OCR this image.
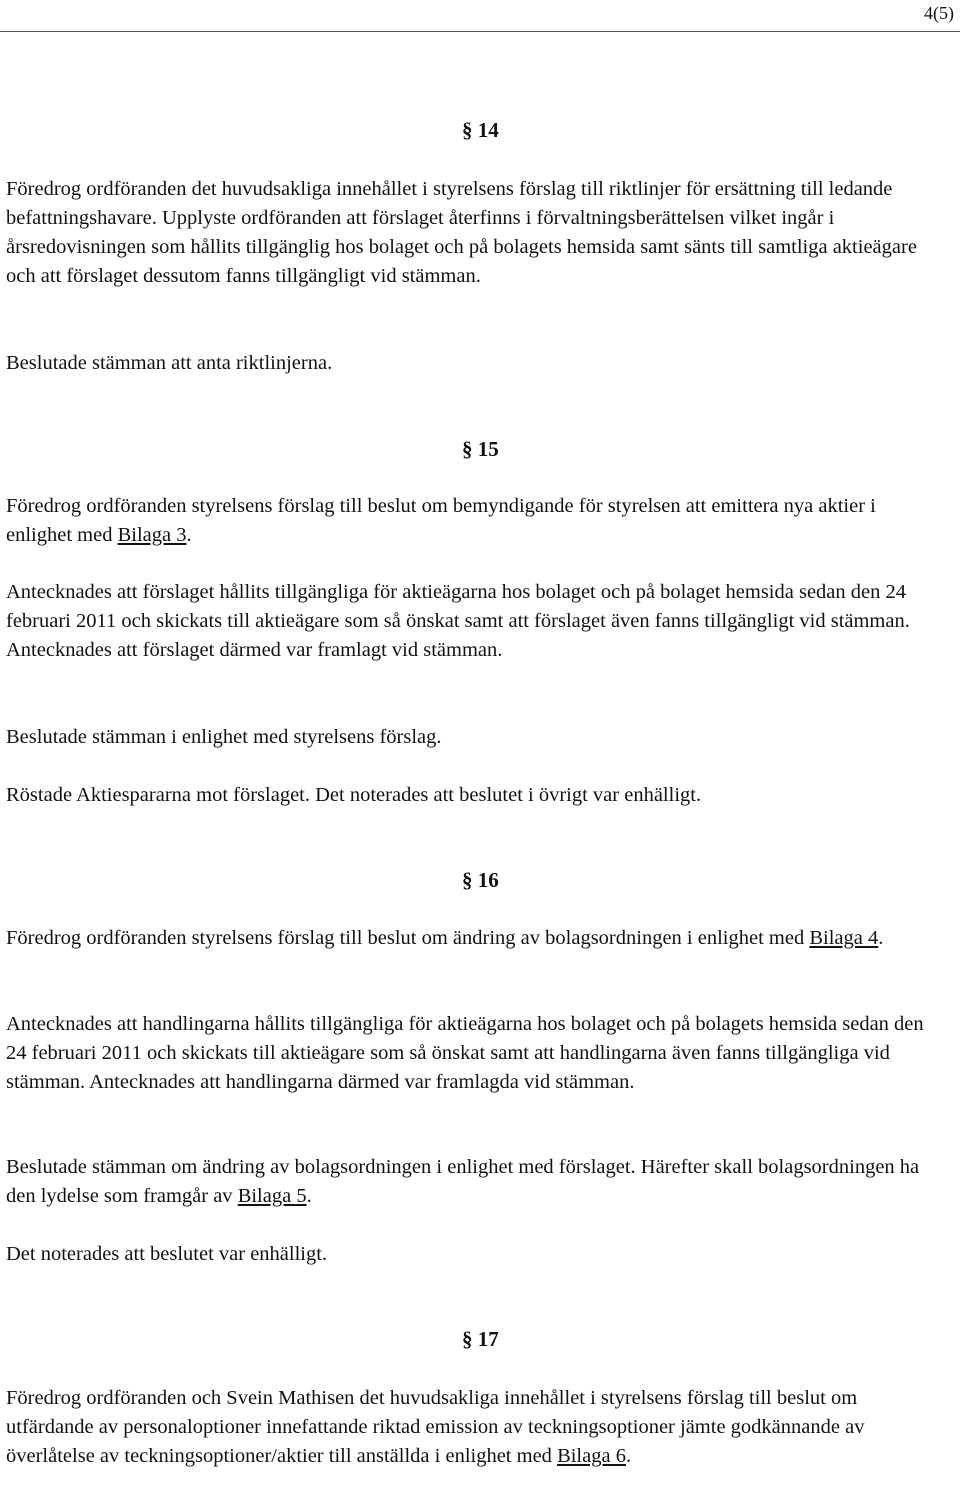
4(5)
§ 14

Föredrog ordföranden det huvudsakliga innehållet i styrelsens förslag till riktlinjer för ersättning till ledande befattningshavare. Upplyste ordföranden att förslaget återfinns i förvaltningsberättelsen vilket ingår i årsredovisningen som hållits tillgänglig hos bolaget och på bolagets hemsida samt sänts till samtliga aktieägare och att förslaget dessutom fanns tillgängligt vid stämman.

Beslutade stämman att anta riktlinjerna.

§ 15

Föredrog ordföranden styrelsens förslag till beslut om bemyndigande för styrelsen att emittera nya aktier i enlighet med Bilaga 3.

Antecknades att förslaget hållits tillgängliga för aktieägarna hos bolaget och på bolaget hemsida sedan den 24 februari 2011 och skickats till aktieägare som så önskat samt att förslaget även fanns tillgängligt vid stämman. Antecknades att förslaget därmed var framlagt vid stämman.

Beslutade stämman i enlighet med styrelsens förslag.

Röstade Aktiespararna mot förslaget. Det noterades att beslutet i övrigt var enhälligt.

§ 16

Föredrog ordföranden styrelsens förslag till beslut om ändring av bolagsordningen i enlighet med Bilaga 4.

Antecknades att handlingarna hållits tillgängliga för aktieägarna hos bolaget och på bolagets hemsida sedan den 24 februari 2011 och skickats till aktieägare som så önskat samt att handlingarna även fanns tillgängliga vid stämman. Antecknades att handlingarna därmed var framlagda vid stämman.

Beslutade stämman om ändring av bolagsordningen i enlighet med förslaget. Härefter skall bolagsordningen ha den lydelse som framgår av Bilaga 5.

Det noterades att beslutet var enhälligt.

§ 17

Föredrog ordföranden och Svein Mathisen det huvudsakliga innehållet i styrelsens förslag till beslut om utfärdande av personaloptioner innefattande riktad emission av teckningsoptioner jämte godkännande av överlåtelse av teckningsoptioner/aktier till anställda i enlighet med Bilaga 6.
